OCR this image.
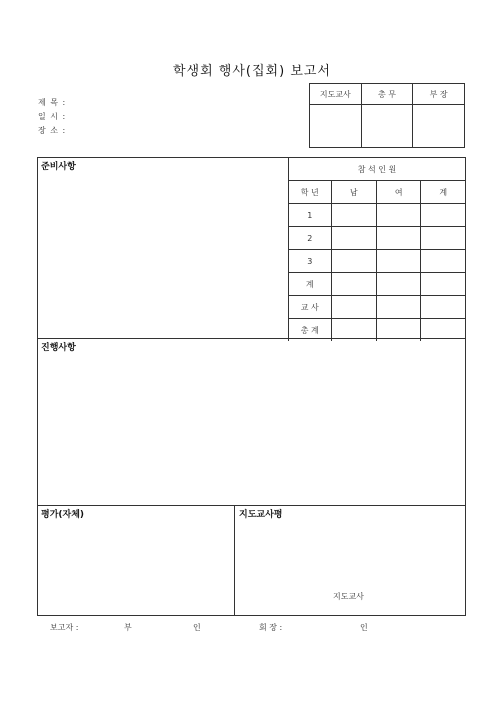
학생회 행사(집회) 보고서
제 목 :
일 시 :
장 소 :
지도교사	총 무	부 장

준비사항	참 석 인 원			
학 년	남	여	계
1			
2			
3			
계			
교 사			
총 계			
진행사항
평가(자체)	지도교사평
지도교사
보고자 :	부	인	회 장 :	인
